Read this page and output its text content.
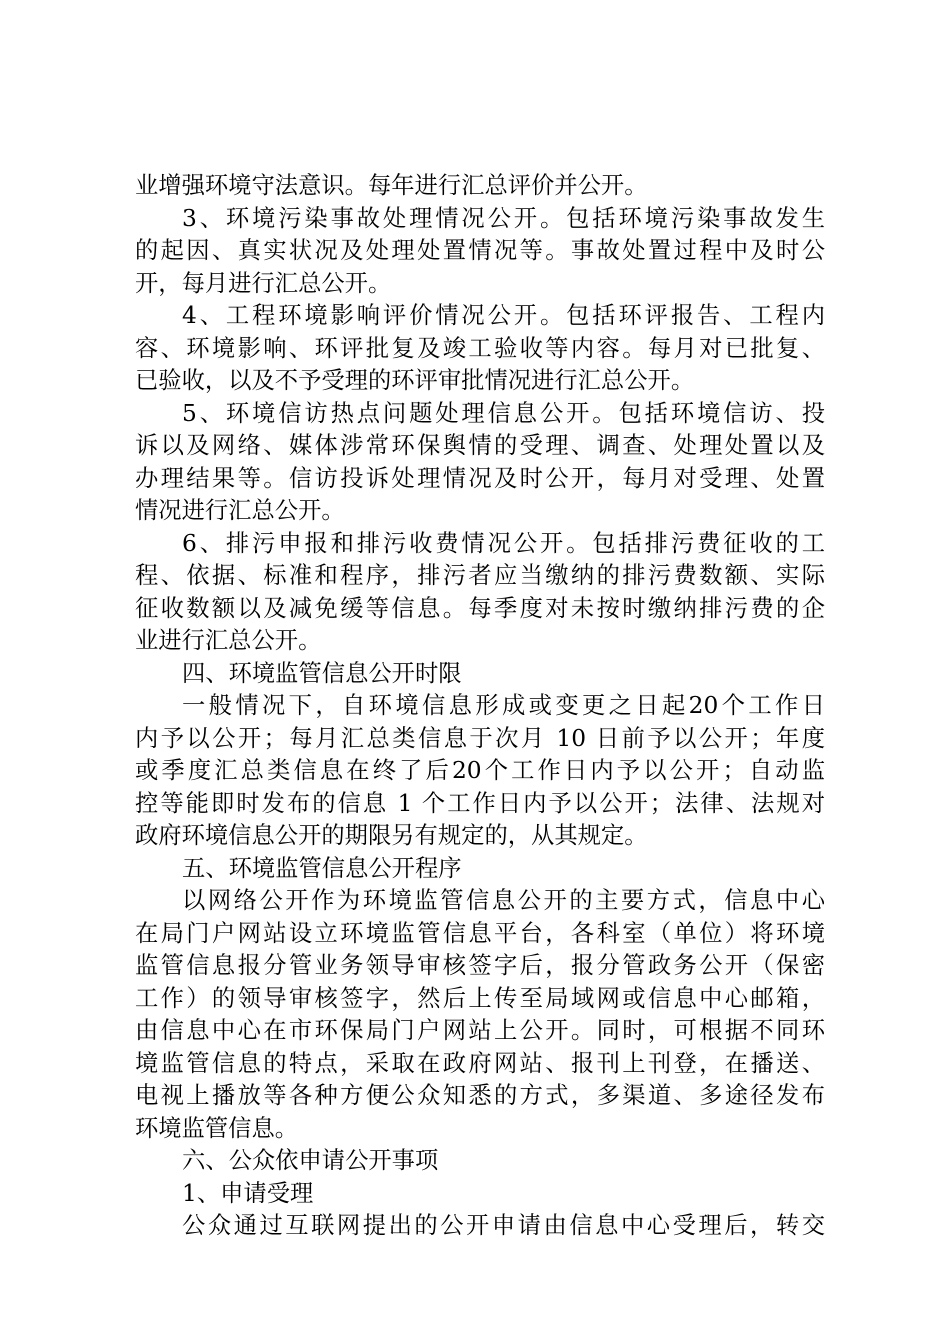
业增强环境守法意识。每年进行汇总评价并公开。
3、环境污染事故处理情况公开。包括环境污染事故发生
的起因、真实状况及处理处置情况等。事故处置过程中及时公
开，每月进行汇总公开。
4、工程环境影响评价情况公开。包括环评报告、工程内
容、环境影响、环评批复及竣工验收等内容。每月对已批复、
已验收，以及不予受理的环评审批情况进行汇总公开。
5、环境信访热点问题处理信息公开。包括环境信访、投
诉以及网络、媒体涉常环保舆情的受理、调查、处理处置以及
办理结果等。信访投诉处理情况及时公开，每月对受理、处置
情况进行汇总公开。
6、排污申报和排污收费情况公开。包括排污费征收的工
程、依据、标准和程序，排污者应当缴纳的排污费数额、实际
征收数额以及减免缓等信息。每季度对未按时缴纳排污费的企
业进行汇总公开。
四、环境监管信息公开时限
一般情况下，自环境信息形成或变更之日起20个工作日
内予以公开；每月汇总类信息于次月 10 日前予以公开；年度
或季度汇总类信息在终了后20个工作日内予以公开；自动监
控等能即时发布的信息 1 个工作日内予以公开；法律、法规对
政府环境信息公开的期限另有规定的，从其规定。
五、环境监管信息公开程序
以网络公开作为环境监管信息公开的主要方式，信息中心
在局门户网站设立环境监管信息平台，各科室（单位）将环境
监管信息报分管业务领导审核签字后，报分管政务公开（保密
工作）的领导审核签字，然后上传至局域网或信息中心邮箱，
由信息中心在市环保局门户网站上公开。同时，可根据不同环
境监管信息的特点，采取在政府网站、报刊上刊登，在播送、
电视上播放等各种方便公众知悉的方式，多渠道、多途径发布
环境监管信息。
六、公众依申请公开事项
1、申请受理
公众通过互联网提出的公开申请由信息中心受理后，转交
